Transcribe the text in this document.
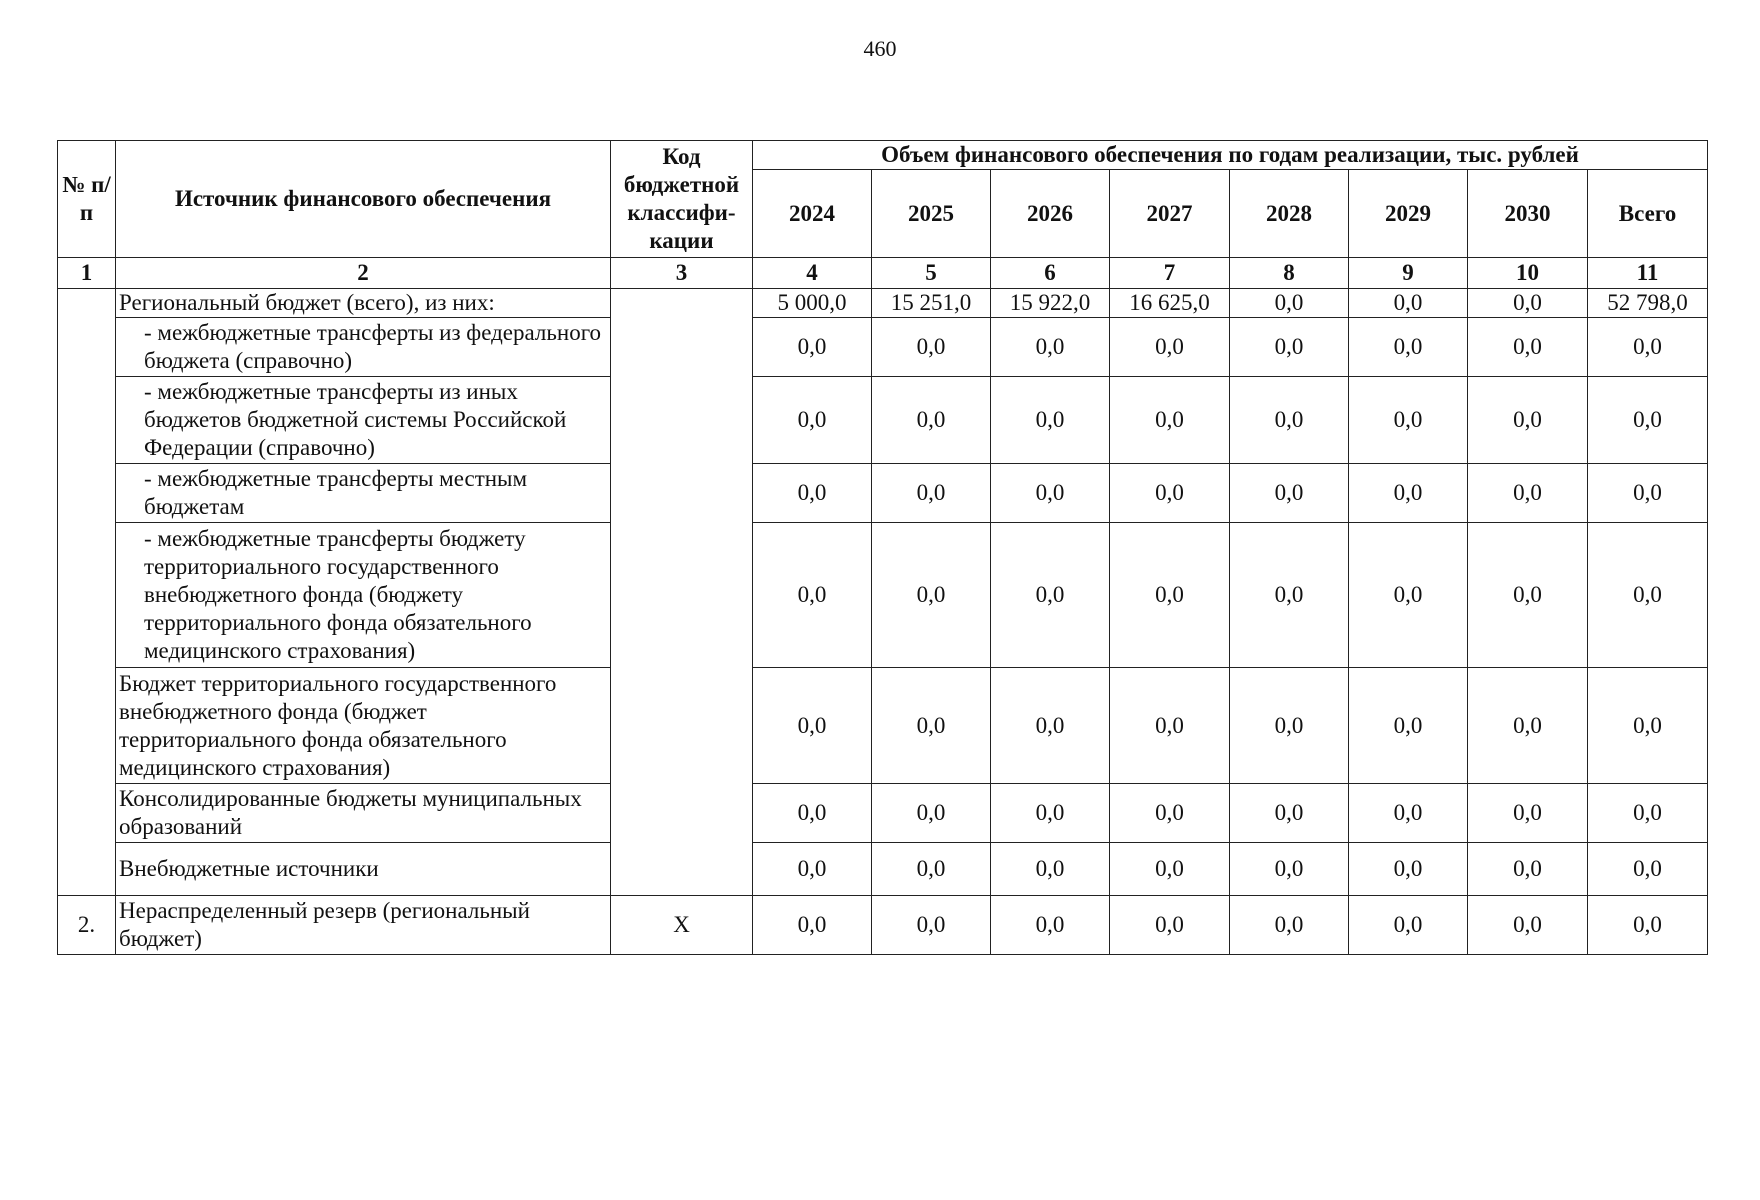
460
№ п/п	Источник финансового обеспечения	Код бюджетной классифи-кации	Объем финансового обеспечения по годам реализации, тыс. рублей							
			2024	2025	2026	2027	2028	2029	2030	Всего
1	2	3	4	5	6	7	8	9	10	11
	Региональный бюджет (всего), из них:		5 000,0	15 251,0	15 922,0	16 625,0	0,0	0,0	0,0	52 798,0
	- межбюджетные трансферты из федерального бюджета (справочно)		0,0	0,0	0,0	0,0	0,0	0,0	0,0	0,0
	- межбюджетные трансферты из иных бюджетов бюджетной системы Российской Федерации (справочно)		0,0	0,0	0,0	0,0	0,0	0,0	0,0	0,0
	- межбюджетные трансферты местным бюджетам		0,0	0,0	0,0	0,0	0,0	0,0	0,0	0,0
	- межбюджетные трансферты бюджету территориального государственного внебюджетного фонда (бюджету территориального фонда обязательного медицинского страхования)		0,0	0,0	0,0	0,0	0,0	0,0	0,0	0,0
	Бюджет территориального государственного внебюджетного фонда (бюджет территориального фонда обязательного медицинского страхования)		0,0	0,0	0,0	0,0	0,0	0,0	0,0	0,0
	Консолидированные бюджеты муниципальных образований		0,0	0,0	0,0	0,0	0,0	0,0	0,0	0,0
	Внебюджетные источники		0,0	0,0	0,0	0,0	0,0	0,0	0,0	0,0
2.	Нераспределенный резерв (региональный бюджет)	X	0,0	0,0	0,0	0,0	0,0	0,0	0,0	0,0
